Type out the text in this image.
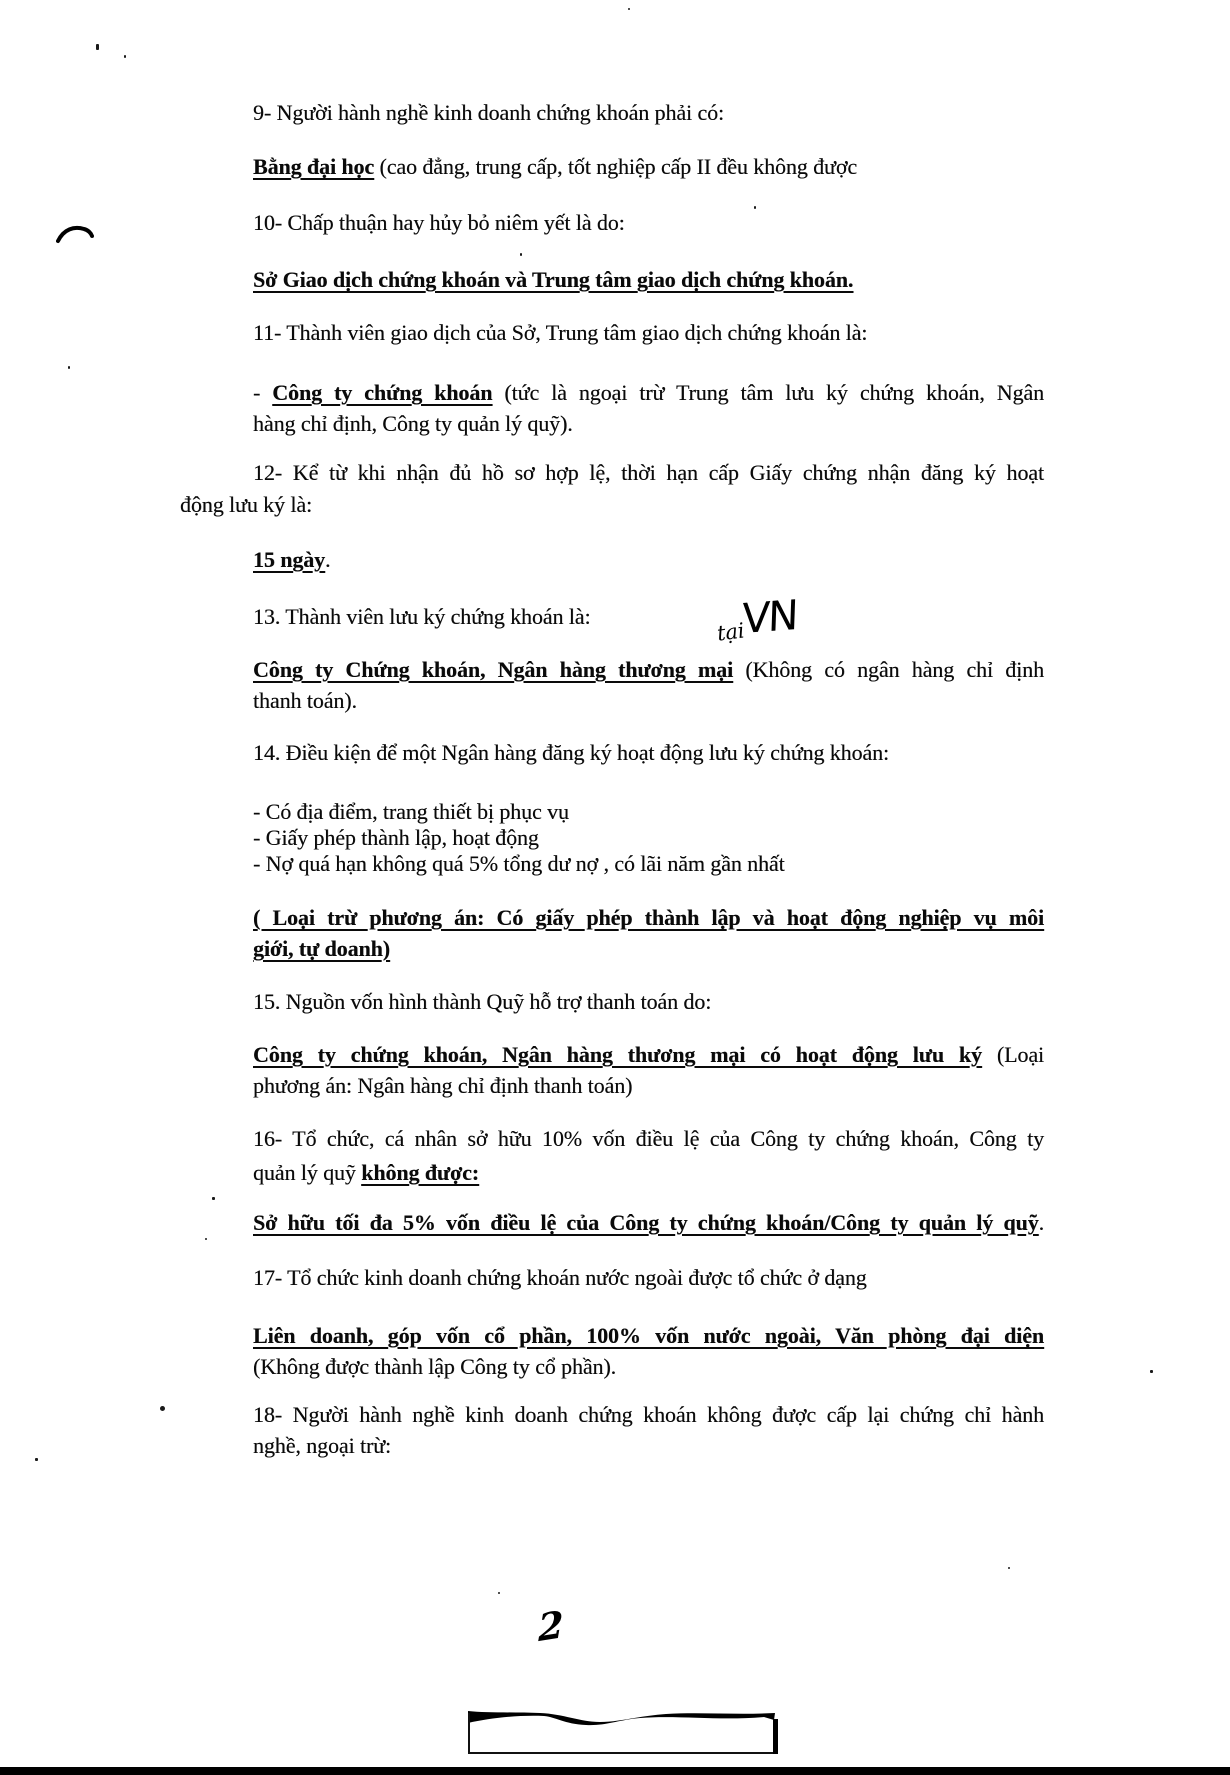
9- Người hành nghề kinh doanh chứng khoán phải có:
Bằng đại học (cao đẳng, trung cấp, tốt nghiệp cấp II đều không được
10- Chấp thuận hay hủy bỏ niêm yết là do:
Sở Giao dịch chứng khoán và Trung tâm giao dịch chứng khoán.
11- Thành viên giao dịch của Sở, Trung tâm giao dịch chứng khoán là:
- Công ty chứng khoán (tức là ngoại trừ Trung tâm lưu ký chứng khoán, Ngân
hàng chỉ định, Công ty quản lý quỹ).
12- Kể từ khi nhận đủ hồ sơ hợp lệ, thời hạn cấp Giấy chứng nhận đăng ký hoạt
động lưu ký là:
15 ngày.
13. Thành viên lưu ký chứng khoán là:
tại
VN
Công ty Chứng khoán, Ngân hàng thương mại (Không có ngân hàng chỉ định
thanh toán).
14. Điều kiện để một Ngân hàng đăng ký hoạt động lưu ký chứng khoán:
- Có địa điểm, trang thiết bị phục vụ
- Giấy phép thành lập, hoạt động
- Nợ quá hạn không quá 5% tổng dư nợ , có lãi năm gần nhất
( Loại trừ phương án: Có giấy phép thành lập và hoạt động nghiệp vụ môi
giới, tự doanh)
15. Nguồn vốn hình thành Quỹ hỗ trợ thanh toán do:
Công ty chứng khoán, Ngân hàng thương mại có hoạt động lưu ký (Loại
phương án: Ngân hàng chỉ định thanh toán)
16- Tổ chức, cá nhân sở hữu 10% vốn điều lệ của Công ty chứng khoán, Công ty
quản lý quỹ không được:
Sở hữu tối đa 5% vốn điều lệ của Công ty chứng khoán/Công ty quản lý quỹ.
17- Tổ chức kinh doanh chứng khoán nước ngoài được tổ chức ở dạng
Liên doanh, góp vốn cổ phần, 100% vốn nước ngoài, Văn phòng đại diện
(Không được thành lập Công ty cổ phần).
18- Người hành nghề kinh doanh chứng khoán không được cấp lại chứng chỉ hành
nghề, ngoại trừ:
2
